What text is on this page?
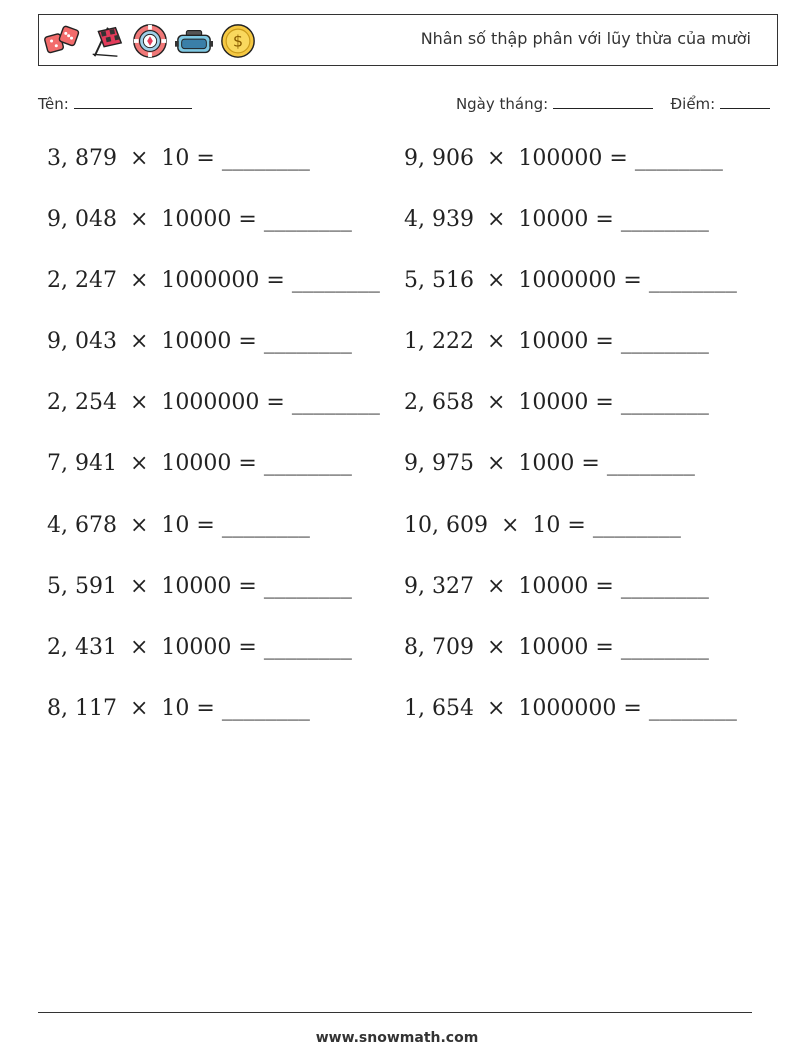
$	Nhân số thập phân với lũy thừa của mười
Tên:	Ngày tháng:	Điểm:
3, 879 × 10 = ________	9, 906 × 100000 = ________
9, 048 × 10000 = ________ 4, 939 × 10000 = ________
2, 247 × 1000000 = ________ 5, 516 × 1000000 = ________
9, 043 × 10000 = ________ 1, 222 × 10000 = ________
2, 254 × 1000000 = ________ 2, 658 × 10000 = ________
7, 941 × 10000 = ________ 9, 975 × 1000 = ________
4, 678 × 10 = ________	10, 609 × 10 = ________
5, 591 × 10000 = ________ 9, 327 × 10000 = ________
2, 431 × 10000 = ________ 8, 709 × 10000 = ________
8, 117 × 10 = ________	1, 654 × 1000000 = ________
www.snowmath.com
